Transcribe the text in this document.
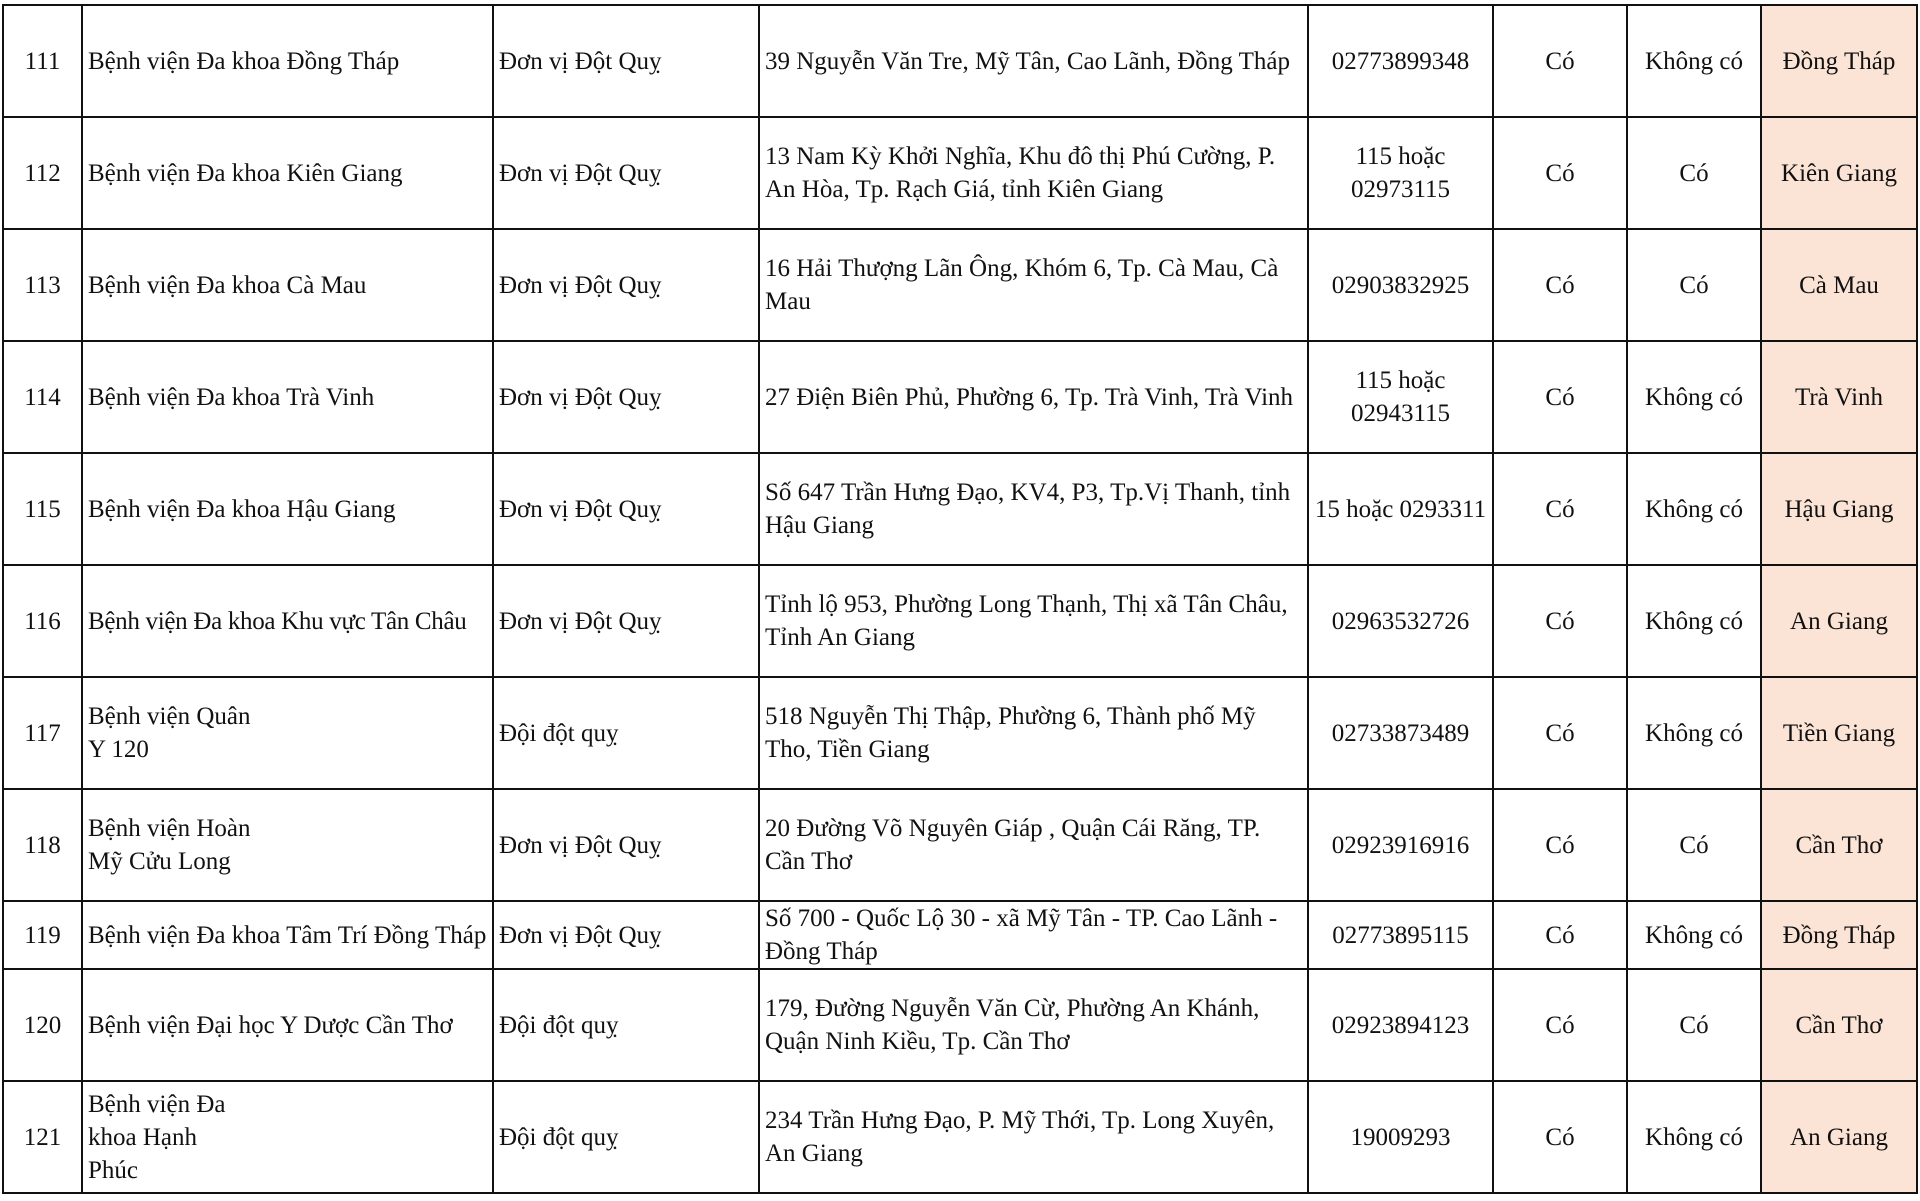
111	Bệnh viện Đa khoa Đồng Tháp	Đơn vị Đột Quỵ	39 Nguyễn Văn Tre, Mỹ Tân, Cao Lãnh, Đồng Tháp	02773899348	Có	Không có	Đồng Tháp
112	Bệnh viện Đa khoa Kiên Giang	Đơn vị Đột Quỵ	13 Nam Kỳ Khởi Nghĩa, Khu đô thị Phú Cường, P. An Hòa, Tp. Rạch Giá, tỉnh Kiên Giang	115 hoặc 02973115	Có	Có	Kiên Giang
113	Bệnh viện Đa khoa Cà Mau	Đơn vị Đột Quỵ	16 Hải Thượng Lãn Ông, Khóm 6, Tp. Cà Mau, Cà Mau	02903832925	Có	Có	Cà Mau
114	Bệnh viện Đa khoa Trà Vinh	Đơn vị Đột Quỵ	27 Điện Biên Phủ, Phường 6, Tp. Trà Vinh, Trà Vinh	115 hoặc 02943115	Có	Không có	Trà Vinh
115	Bệnh viện Đa khoa Hậu Giang	Đơn vị Đột Quỵ	Số 647 Trần Hưng Đạo, KV4, P3, Tp.Vị Thanh, tỉnh Hậu Giang	15 hoặc 0293311	Có	Không có	Hậu Giang
116	Bệnh viện Đa khoa Khu vực Tân Châu	Đơn vị Đột Quỵ	Tỉnh lộ 953, Phường Long Thạnh, Thị xã Tân Châu, Tỉnh An Giang	02963532726	Có	Không có	An Giang
117	Bệnh viện Quân Y 120	Đội đột quỵ	518 Nguyễn Thị Thập, Phường 6, Thành phố Mỹ Tho, Tiền Giang	02733873489	Có	Không có	Tiền Giang
118	Bệnh viện Hoàn Mỹ Cửu Long	Đơn vị Đột Quỵ	20 Đường Võ Nguyên Giáp , Quận Cái Răng, TP. Cần Thơ	02923916916	Có	Có	Cần Thơ
119	Bệnh viện Đa khoa Tâm Trí Đồng Tháp	Đơn vị Đột Quỵ	Số 700 - Quốc Lộ 30 - xã Mỹ Tân - TP. Cao Lãnh - Đồng Tháp	02773895115	Có	Không có	Đồng Tháp
120	Bệnh viện Đại học Y Dược Cần Thơ	Đội đột quỵ	179, Đường Nguyễn Văn Cừ, Phường An Khánh, Quận Ninh Kiều, Tp. Cần Thơ	02923894123	Có	Có	Cần Thơ
121	Bệnh viện Đa khoa Hạnh Phúc	Đội đột quỵ	234 Trần Hưng Đạo, P. Mỹ Thới, Tp. Long Xuyên, An Giang	19009293	Có	Không có	An Giang
